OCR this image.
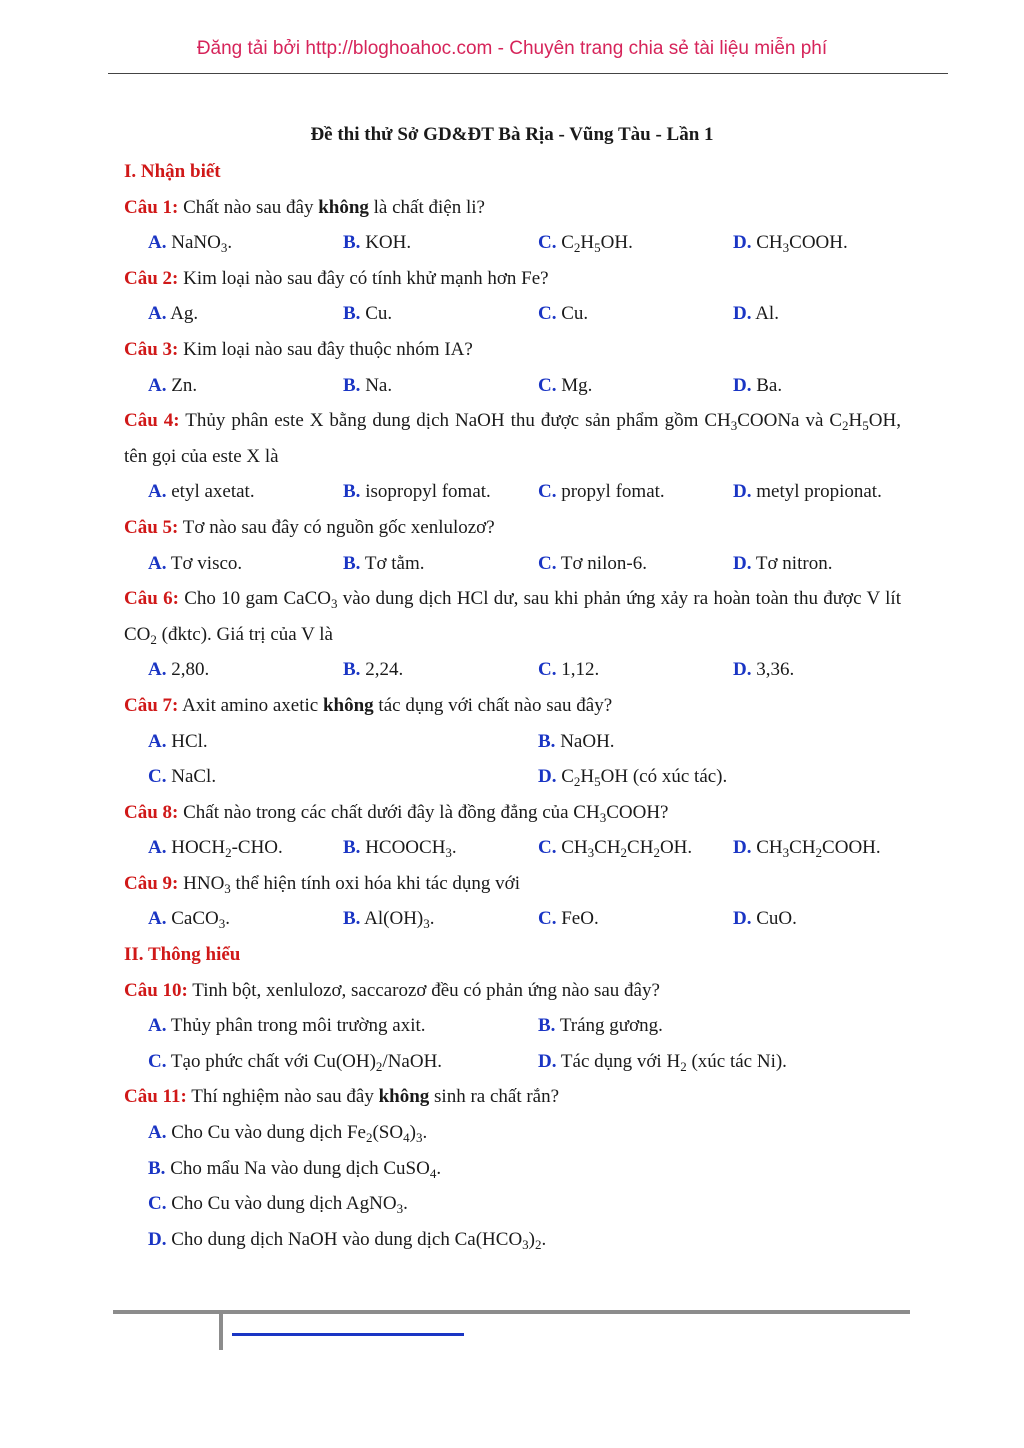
Đăng tải bởi http://bloghoahoc.com - Chuyên trang chia sẻ tài liệu miễn phí
Đề thi thử Sở GD&ĐT Bà Rịa - Vũng Tàu - Lần 1
I. Nhận biết
Câu 1: Chất nào sau đây không là chất điện li?
A. NaNO$_3$.	B. KOH.	C. $C_2H_5OH$.	D. $CH_3COOH$.
Câu 2: Kim loại nào sau đây có tính khử mạnh hơn Fe?
A. Ag.	B. Cu.	C. Cu.	D. Al.
Câu 3: Kim loại nào sau đây thuộc nhóm IA?
A. Zn.	B. Na.	C. Mg.	D. Ba.
Câu 4: Thủy phân este X bằng dung dịch NaOH thu được sản phẩm gồm $CH_3COONa$ và $C_2H_5OH$, tên gọi của este X là
A. etyl axetat.	B. isopropyl fomat.	C. propyl fomat.	D. metyl propionat.
Câu 5: Tơ nào sau đây có nguồn gốc xenlulozơ?
A. Tơ visco.	B. Tơ tằm.	C. Tơ nilon-6.	D. Tơ nitron.
Câu 6: Cho 10 gam CaCO$_3$ vào dung dịch HCl dư, sau khi phản ứng xảy ra hoàn toàn thu được V lít $CO_2$ (đktc). Giá trị của V là
A. 2,80.	B. 2,24.	C. 1,12.	D. 3,36.
Câu 7: Axit amino axetic không tác dụng với chất nào sau đây?
A. HCl.	B. NaOH.
C. NaCl.	D. $C_2H_5OH$ (có xúc tác).
Câu 8: Chất nào trong các chất dưới đây là đồng đẳng của $CH_3COOH$?
A. $HOCH_2$-CHO.	B. $HCOOCH_3$.	C. $CH_3CH_2CH_2OH$.	D. $CH_3CH_2COOH$.
Câu 9: $HNO_3$ thể hiện tính oxi hóa khi tác dụng với
A. CaCO$_3$.	B. $Al(OH)_3$.	C. FeO.	D. CuO.
II. Thông hiểu
Câu 10: Tinh bột, xenlulozơ, saccarozơ đều có phản ứng nào sau đây?
A. Thủy phân trong môi trường axit.	B. Tráng gương.
C. Tạo phức chất với $Cu(OH)_2$/NaOH.	D. Tác dụng với $H_2$ (xúc tác Ni).
Câu 11: Thí nghiệm nào sau đây không sinh ra chất rắn?
A. Cho Cu vào dung dịch $Fe_2(SO_4)_3$.
B. Cho mẩu Na vào dung dịch CuSO$_4$.
C. Cho Cu vào dung dịch AgNO$_3$.
D. Cho dung dịch NaOH vào dung dịch $Ca(HCO_3)_2$.
